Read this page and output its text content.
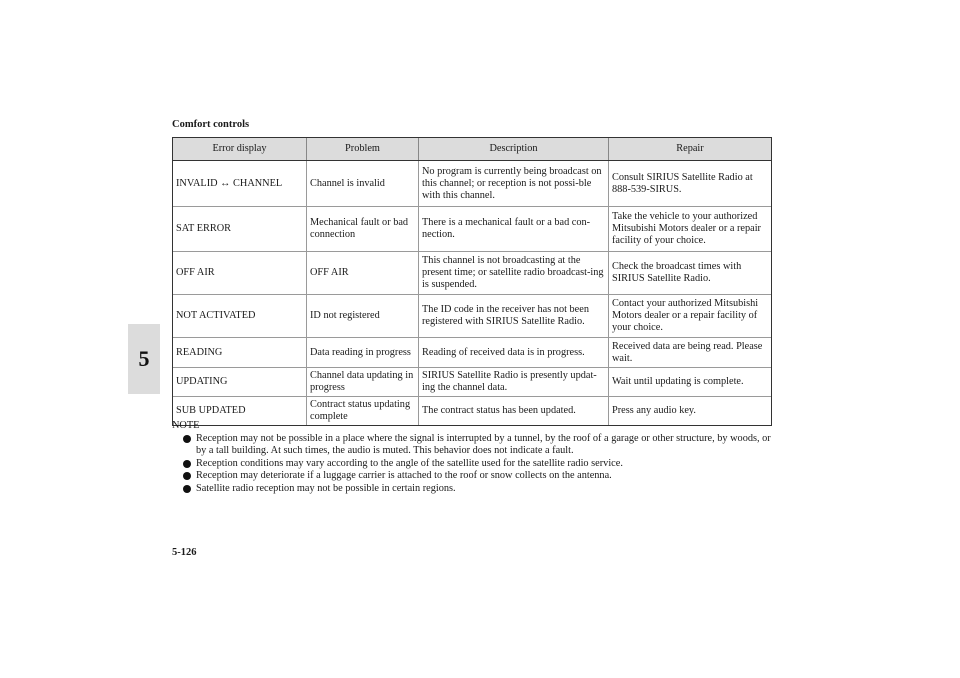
Comfort controls
5
Error display	Problem	Description	Repair
INVALID ↔ CHANNEL	Channel is invalid	No program is currently being broadcast on this channel; or reception is not possi-ble with this channel.	Consult SIRIUS Satellite Radio at 888-539-SIRUS.
SAT ERROR	Mechanical fault or bad connection	There is a mechanical fault or a bad con-nection.	Take the vehicle to your authorized Mitsubishi Motors dealer or a repair facility of your choice.
OFF AIR	OFF AIR	This channel is not broadcasting at the present time; or satellite radio broadcast-ing is suspended.	Check the broadcast times with SIRIUS Satellite Radio.
NOT ACTIVATED	ID not registered	The ID code in the receiver has not been registered with SIRIUS Satellite Radio.	Contact your authorized Mitsubishi Motors dealer or a repair facility of your choice.
READING	Data reading in progress	Reading of received data is in progress.	Received data are being read. Please wait.
UPDATING	Channel data updating in progress	SIRIUS Satellite Radio is presently updat-ing the channel data.	Wait until updating is complete.
SUB UPDATED	Contract status updating complete	The contract status has been updated.	Press any audio key.

NOTE

Reception may not be possible in a place where the signal is interrupted by a tunnel, by the roof of a garage or other structure, by woods, or by a tall building. At such times, the audio is muted. This behavior does not indicate a fault.
Reception conditions may vary according to the angle of the satellite used for the satellite radio service.
Reception may deteriorate if a luggage carrier is attached to the roof or snow collects on the antenna.
Satellite radio reception may not be possible in certain regions.
5-126
